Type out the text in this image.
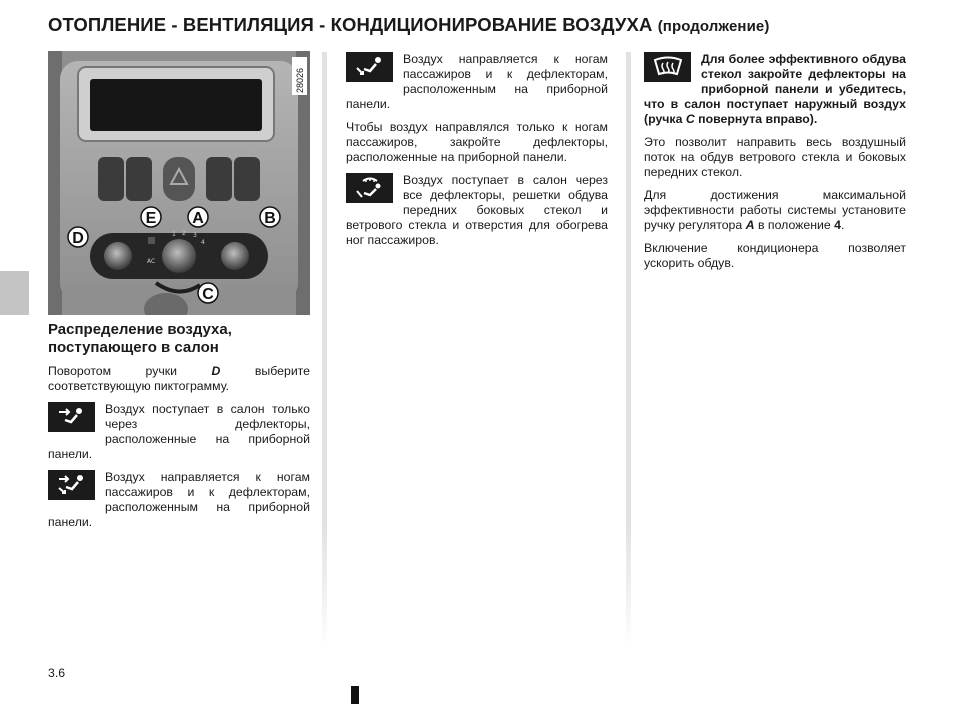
ОТОПЛЕНИЕ - ВЕНТИЛЯЦИЯ - КОНДИЦИОНИРОВАНИЕ ВОЗДУХА (продолжение)
AC
1 2 3
4
E A	B
D
C
28026
Распределение воздуха, поступающего в салон

Поворотом ручки	D	выберите соответствующую пиктограмму.

Воздух поступает в салон только через дефлекторы, расположенные на приборной панели.
Воздух направляется к ногам пассажиров и к дефлекторам, расположенным на приборной панели.
Воздух направляется к ногам пассажиров и к дефлекторам, расположенным на приборной панели.

Чтобы воздух направлялся только к ногам пассажиров, закройте дефлекторы, расположенные на приборной панели.

Воздух поступает в салон через все дефлекторы, решетки обдува передних боковых стекол и ветрового стекла и отверстия для обогрева ног пассажиров.
Для более эффективного обдува стекол закройте дефлекторы на приборной панели и убедитесь, что в салон поступает наружный воздух (ручка C повернута вправо).

Это позволит направить весь воздушный поток на обдув ветрового стекла и боковых передних стекол.

Для достижения максимальной эффективности работы системы установите ручку регулятора A в положение 4.

Включение кондиционера позволяет ускорить обдув.

3.6
